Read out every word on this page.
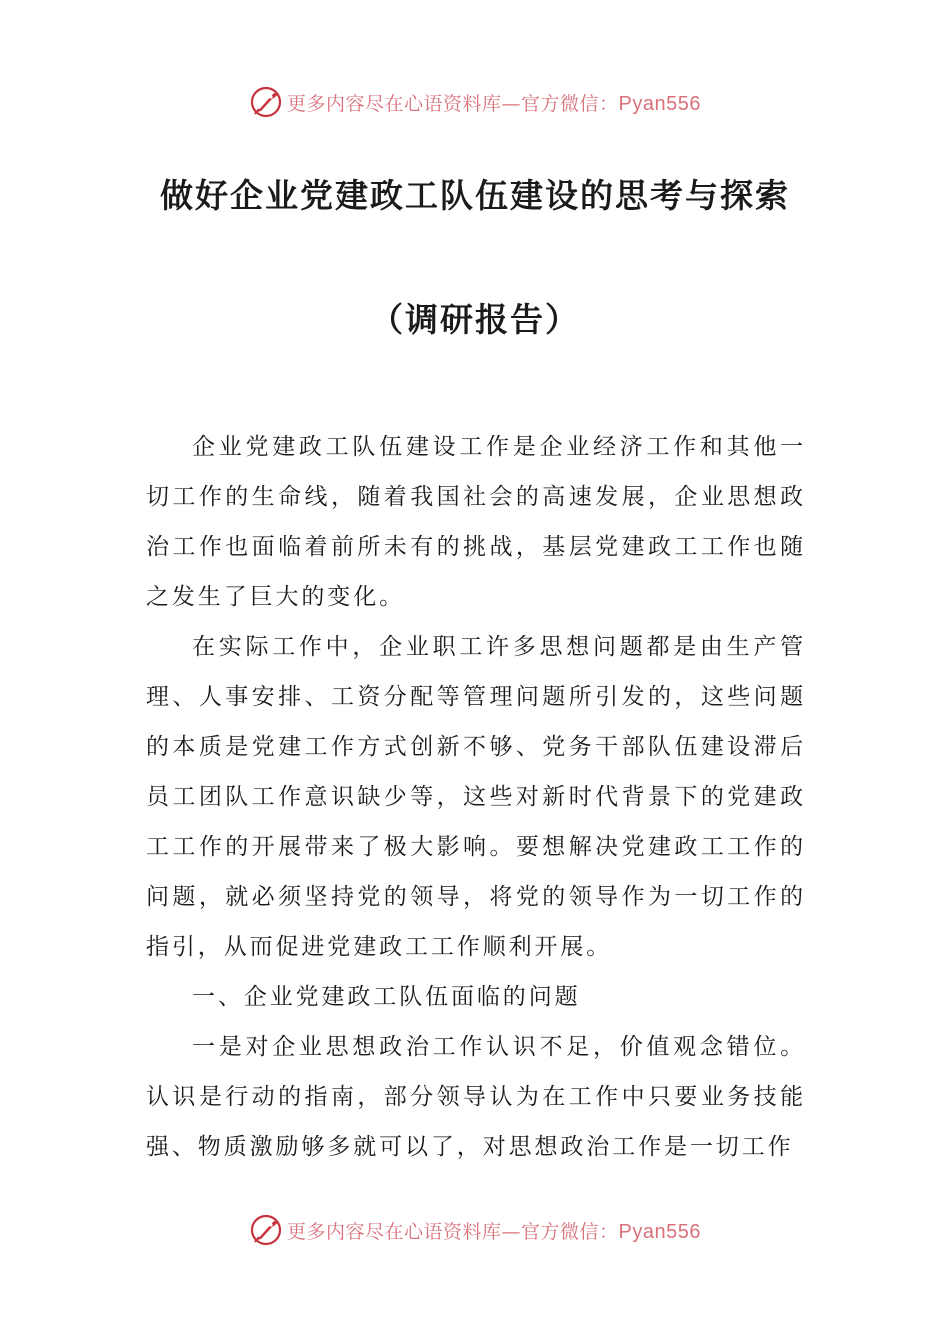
更多内容尽在心语资料库—官方微信：Pyan556
做好企业党建政工队伍建设的思考与探索
（调研报告）

企业党建政工队伍建设工作是企业经济工作和其他一切工作的生命线，随着我国社会的高速发展，企业思想政治工作也面临着前所未有的挑战，基层党建政工工作也随之发生了巨大的变化。

在实际工作中，企业职工许多思想问题都是由生产管理、人事安排、工资分配等管理问题所引发的，这些问题的本质是党建工作方式创新不够、党务干部队伍建设滞后员工团队工作意识缺少等，这些对新时代背景下的党建政工工作的开展带来了极大影响。要想解决党建政工工作的问题，就必须坚持党的领导，将党的领导作为一切工作的指引，从而促进党建政工工作顺利开展。

一、企业党建政工队伍面临的问题

一是对企业思想政治工作认识不足，价值观念错位。认识是行动的指南，部分领导认为在工作中只要业务技能强、物质激励够多就可以了，对思想政治工作是一切工作

更多内容尽在心语资料库—官方微信：Pyan556
